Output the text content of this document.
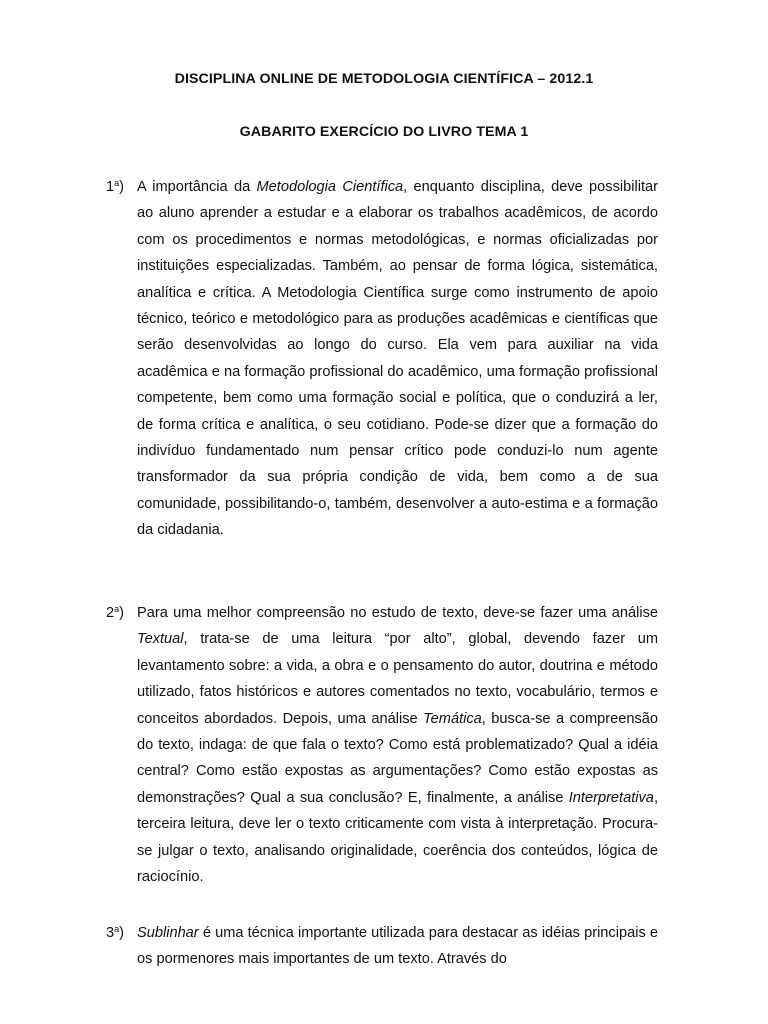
DISCIPLINA ONLINE DE METODOLOGIA CIENTÍFICA – 2012.1
GABARITO EXERCÍCIO DO LIVRO TEMA 1
1$^a$) A importância da Metodologia Científica, enquanto disciplina, deve possibilitar ao aluno aprender a estudar e a elaborar os trabalhos acadêmicos, de acordo com os procedimentos e normas metodológicas, e normas oficializadas por instituições especializadas. Também, ao pensar de forma lógica, sistemática, analítica e crítica. A Metodologia Científica surge como instrumento de apoio técnico, teórico e metodológico para as produções acadêmicas e científicas que serão desenvolvidas ao longo do curso. Ela vem para auxiliar na vida acadêmica e na formação profissional do acadêmico, uma formação profissional competente, bem como uma formação social e política, que o conduzirá a ler, de forma crítica e analítica, o seu cotidiano. Pode-se dizer que a formação do indivíduo fundamentado num pensar crítico pode conduzi-lo num agente transformador da sua própria condição de vida, bem como a de sua comunidade, possibilitando-o, também, desenvolver a auto-estima e a formação da cidadania.
2$^a$) Para uma melhor compreensão no estudo de texto, deve-se fazer uma análise Textual, trata-se de uma leitura “por alto”, global, devendo fazer um levantamento sobre: a vida, a obra e o pensamento do autor, doutrina e método utilizado, fatos históricos e autores comentados no texto, vocabulário, termos e conceitos abordados. Depois, uma análise Temática, busca-se a compreensão do texto, indaga: de que fala o texto? Como está problematizado? Qual a idéia central? Como estão expostas as argumentações? Como estão expostas as demonstrações? Qual a sua conclusão? E, finalmente, a análise Interpretativa, terceira leitura, deve ler o texto criticamente com vista à interpretação. Procura-se julgar o texto, analisando originalidade, coerência dos conteúdos, lógica de raciocínio.
3$^a$) Sublinhar é uma técnica importante utilizada para destacar as idéias principais e os pormenores mais importantes de um texto. Através do
